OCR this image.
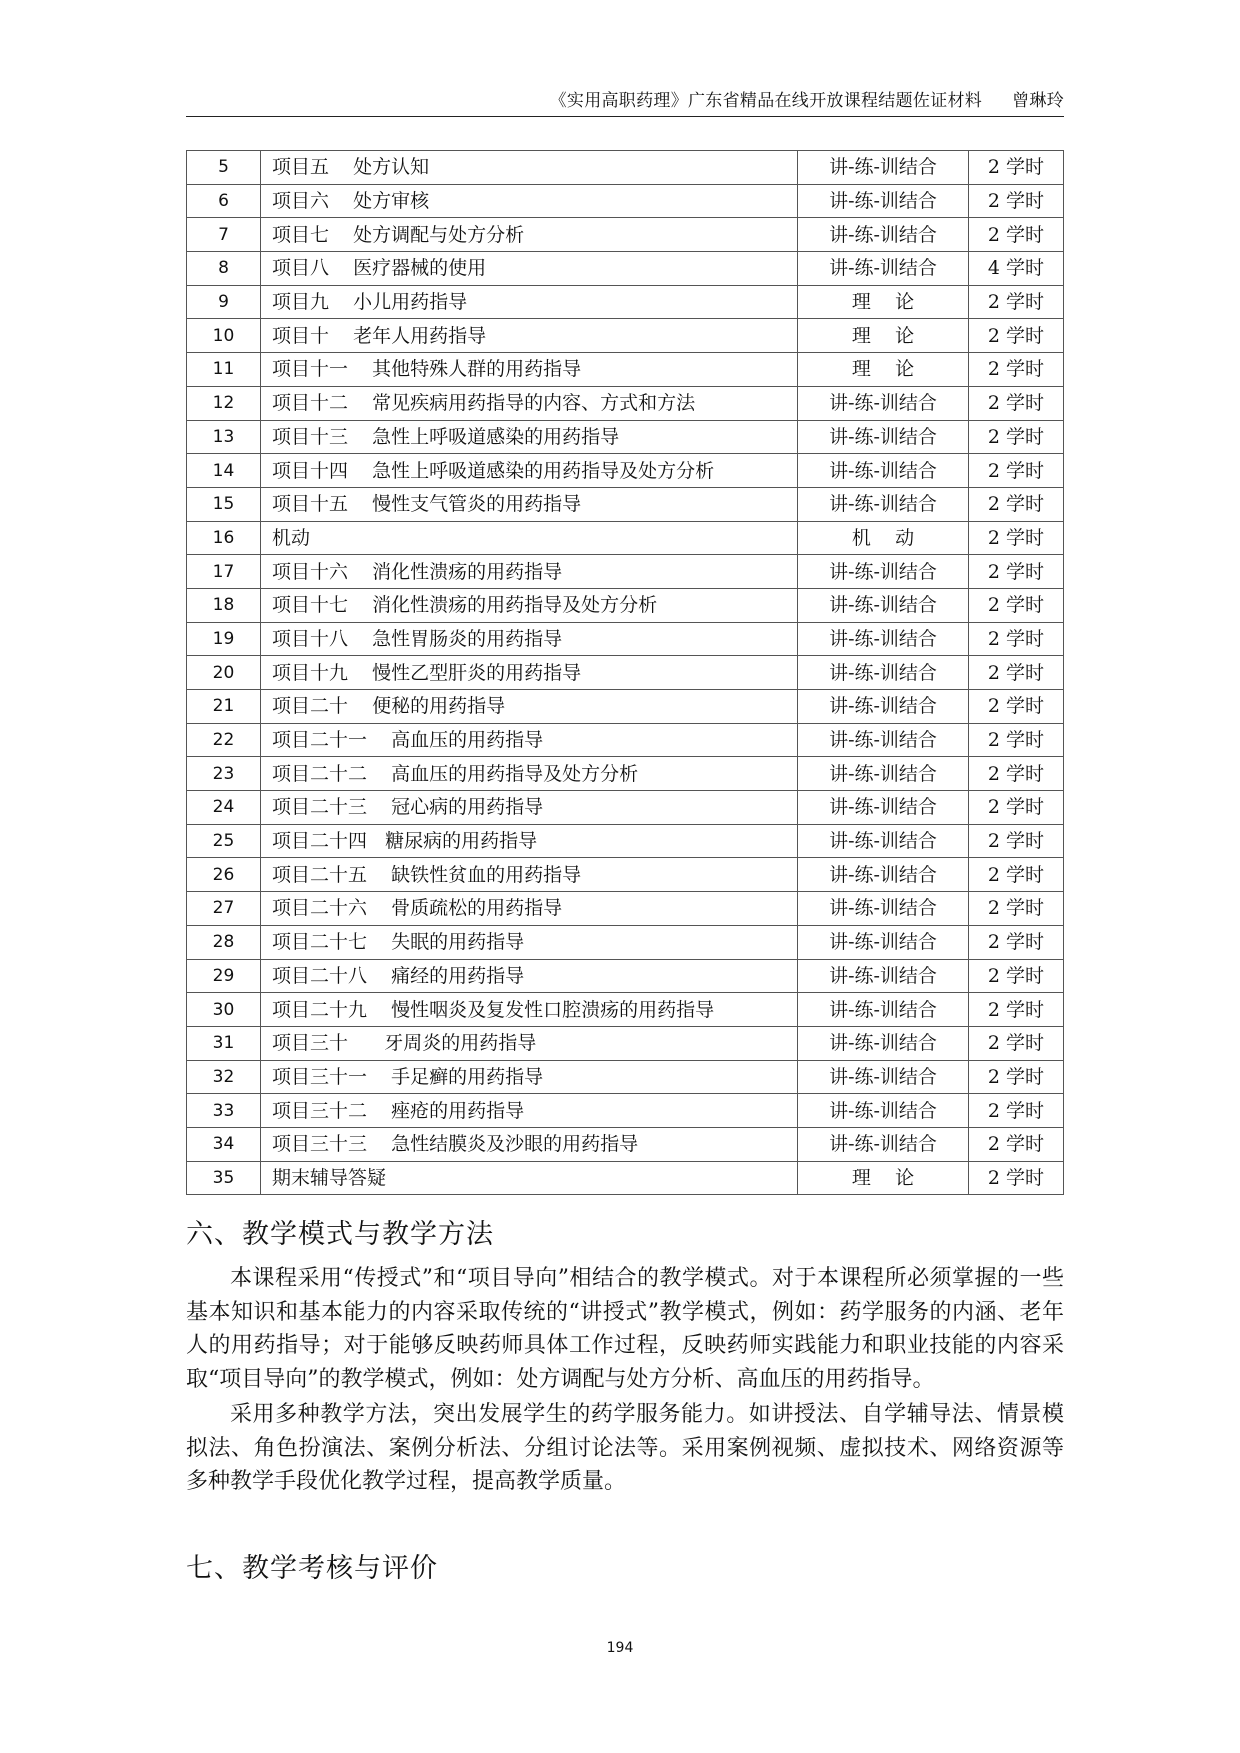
《实用高职药理》广东省精品在线开放课程结题佐证材料 曾琳玲
5	项目五    处方认知	讲-练-训结合	2 学时
6	项目六    处方审核	讲-练-训结合	2 学时
7	项目七    处方调配与处方分析	讲-练-训结合	2 学时
8	项目八    医疗器械的使用	讲-练-训结合	4 学时
9	项目九    小儿用药指导	理    论	2 学时
10	项目十    老年人用药指导	理    论	2 学时
11	项目十一    其他特殊人群的用药指导	理    论	2 学时
12	项目十二    常见疾病用药指导的内容、方式和方法	讲-练-训结合	2 学时
13	项目十三    急性上呼吸道感染的用药指导	讲-练-训结合	2 学时
14	项目十四    急性上呼吸道感染的用药指导及处方分析	讲-练-训结合	2 学时
15	项目十五    慢性支气管炎的用药指导	讲-练-训结合	2 学时
16	机动	机    动	2 学时
17	项目十六    消化性溃疡的用药指导	讲-练-训结合	2 学时
18	项目十七    消化性溃疡的用药指导及处方分析	讲-练-训结合	2 学时
19	项目十八    急性胃肠炎的用药指导	讲-练-训结合	2 学时
20	项目十九    慢性乙型肝炎的用药指导	讲-练-训结合	2 学时
21	项目二十    便秘的用药指导	讲-练-训结合	2 学时
22	项目二十一    高血压的用药指导	讲-练-训结合	2 学时
23	项目二十二    高血压的用药指导及处方分析	讲-练-训结合	2 学时
24	项目二十三    冠心病的用药指导	讲-练-训结合	2 学时
25	项目二十四   糖尿病的用药指导	讲-练-训结合	2 学时
26	项目二十五    缺铁性贫血的用药指导	讲-练-训结合	2 学时
27	项目二十六    骨质疏松的用药指导	讲-练-训结合	2 学时
28	项目二十七    失眠的用药指导	讲-练-训结合	2 学时
29	项目二十八    痛经的用药指导	讲-练-训结合	2 学时
30	项目二十九    慢性咽炎及复发性口腔溃疡的用药指导	讲-练-训结合	2 学时
31	项目三十      牙周炎的用药指导	讲-练-训结合	2 学时
32	项目三十一    手足癣的用药指导	讲-练-训结合	2 学时
33	项目三十二    痤疮的用药指导	讲-练-训结合	2 学时
34	项目三十三    急性结膜炎及沙眼的用药指导	讲-练-训结合	2 学时
35	期末辅导答疑	理    论	2 学时
六、教学模式与教学方法

本课程采用“传授式”和“项目导向”相结合的教学模式。对于本课程所必须掌握的一些基本知识和基本能力的内容采取传统的“讲授式”教学模式，例如：药学服务的内涵、老年人的用药指导；对于能够反映药师具体工作过程，反映药师实践能力和职业技能的内容采取“项目导向”的教学模式，例如：处方调配与处方分析、高血压的用药指导。

采用多种教学方法，突出发展学生的药学服务能力。如讲授法、自学辅导法、情景模拟法、角色扮演法、案例分析法、分组讨论法等。采用案例视频、虚拟技术、网络资源等多种教学手段优化教学过程，提高教学质量。

七、教学考核与评价
194
